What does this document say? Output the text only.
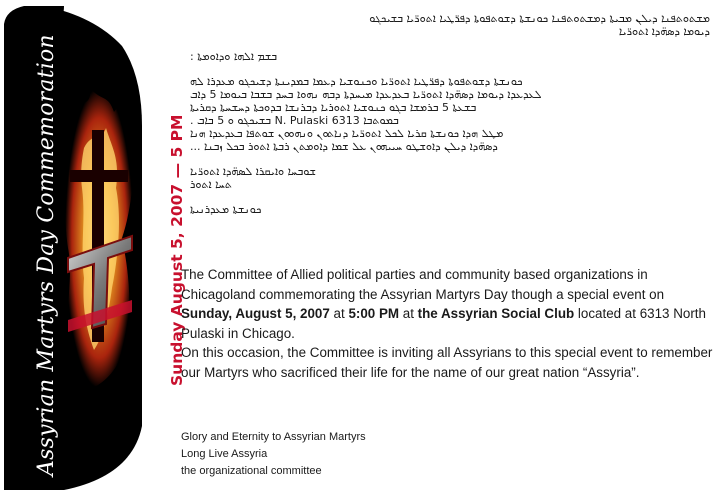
Assyrian Martyrs Day Commemoration	Sunday August 5, 2007 — 5 PM
ܡܫܬܘܬܦܢܐ ܕܝܠܢ ܡܒܝܬܐ ܕܡܫܬܘܬܦܢܐ ܟܘܢܫܬܐ ܕܫܘܬܦܘܬܐ ܕܦܪ̈ܛܝܐ ܐܬܘܪ̈ܝܐ ܒܫܝܟܓܘ
ܕܝܘܡܐ ܕܣܗ̈ܕܐ ܐܬܘܪ̈ܝܐ
ܒܫܡ ܐܠܗܐ ܘܕܐܘܡܬܐ :
ܟܘܢܫܬܐ ܕܫܘܬܦܘܬܐ ܕܦܪ̈ܛܝܐ ܐܬܘܪ̈ܝܐ ܘܟܢܘܫܝܐ ܕܥܡܐ ܒܡܕܝܢܬܐ ܕܫܝܟܓܘ ܡܥܕܪܐ ܠܗ
ܠܥܕܥܕܐ ܕܝܘܡܐ ܕܣܗ̈ܕܐ ܐܬܘܪ̈ܝܐ ܒܥܕܥܕܐ ܡܝܚܕܬܐ ܕܒܗ ܢܗܘܐ ܒܚܕ ܒܫܒܐ ܒܝܘܡܐ 5 ܕܐܒ
ܒܫܥܬܐ 5 ܒܪܡܫܐ ܒܓܘ ܟܢܘܫܝܐ ܐܬܘܪܝܐ ܕܒܪܢܫܐ ܒܕܘܟܬܐ ܕܚܫܚܬܐ ܕܩܪܝܬܐ
ܒܡܘܬܒܐ 6313 N. Pulaski ܒܫܝܟܓܘ ܘ 5 ܒܐܒ .
ܡܛܠ ܗܕܐ ܟܘܢܫܬܐ ܩܪܝܐ ܠܟܠ ܐܬܘܪ̈ܝܐ ܕܢܐܬܘܢ ܘܢܗܘܘܢ ܫܘܬܦܐ ܒܥܕܥܕܐ ܗܢܐ
ܕܣܗ̈ܕܐ ܕܝܠܢ ܕܐܘܫܛܘ ܚܝܝܗܘܢ ܥܠ ܫܡܐ ܕܐܘܡܬܢ ܪܒܬܐ ܐܬܘܪ ܒܟܠ ܙܒܢܐ ...
ܫܘܒܚܐ ܘܐܝܩܪܐ ܠܣܗ̈ܕܐ ܐܬܘܪ̈ܝܐ
ܬܚܐ ܐܬܘܪ
ܟܘܢܫܬܐ ܡܥܕܪܢܝܬܐ
The Committee of Allied political parties and community based organizations in Chicagoland commemorating the Assyrian Martyrs Day though a special event on Sunday, August 5, 2007 at 5:00 PM at the Assyrian Social Club located at 6313 North Pulaski in Chicago.
On this occasion, the Committee is inviting all Assyrians to this special event to remember our Martyrs who sacrificed their life for the name of our great nation “Assyria”.
Glory and Eternity to Assyrian Martyrs
Long Live Assyria
the organizational committee
